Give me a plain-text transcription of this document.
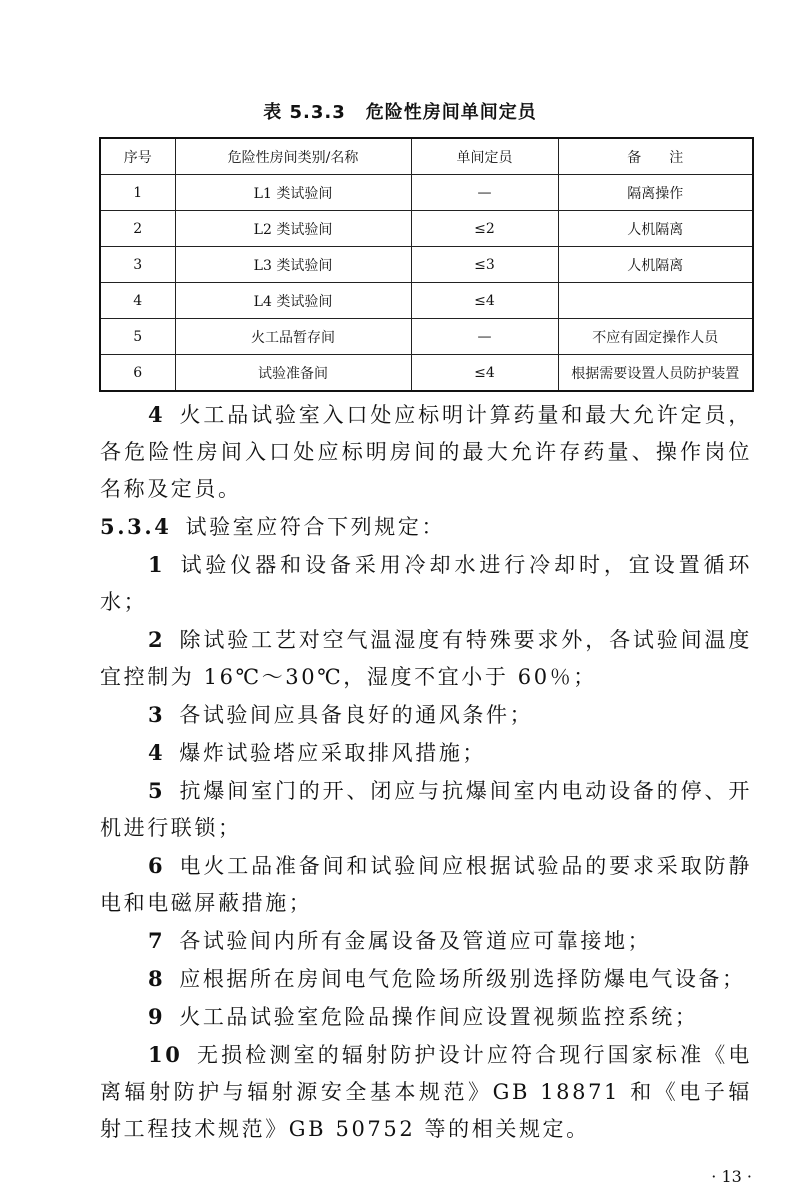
表 5.3.3 危险性房间单间定员
序号	危险性房间类别/名称	单间定员	备　　注
1	L1 类试验间	—	隔离操作
2	L2 类试验间	≤2	人机隔离
3	L3 类试验间	≤3	人机隔离
4	L4 类试验间	≤4	
5	火工品暂存间	—	不应有固定操作人员
6	试验准备间	≤4	根据需要设置人员防护装置

4 火工品试验室入口处应标明计算药量和最大允许定员，各危险性房间入口处应标明房间的最大允许存药量、操作岗位名称及定员。

5.3.4 试验室应符合下列规定：

1 试验仪器和设备采用冷却水进行冷却时，宜设置循环水；

2 除试验工艺对空气温湿度有特殊要求外，各试验间温度宜控制为 16℃～30℃，湿度不宜小于 60％；

3 各试验间应具备良好的通风条件；

4 爆炸试验塔应采取排风措施；

5 抗爆间室门的开、闭应与抗爆间室内电动设备的停、开机进行联锁；

6 电火工品准备间和试验间应根据试验品的要求采取防静电和电磁屏蔽措施；

7 各试验间内所有金属设备及管道应可靠接地；

8 应根据所在房间电气危险场所级别选择防爆电气设备；

9 火工品试验室危险品操作间应设置视频监控系统；

10 无损检测室的辐射防护设计应符合现行国家标准《电离辐射防护与辐射源安全基本规范》GB 18871 和《电子辐射工程技术规范》GB 50752 等的相关规定。

· 13 ·
